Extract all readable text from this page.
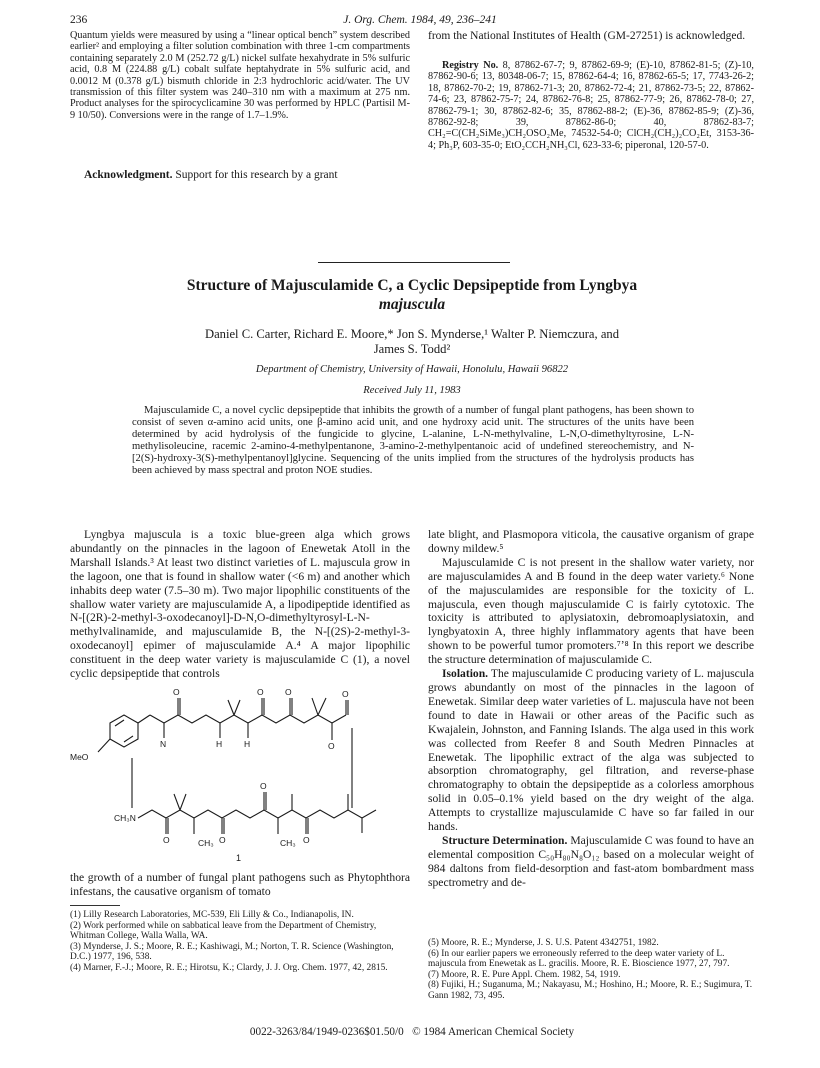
236	J. Org. Chem. 1984, 49, 236–241
Quantum yields were measured by using a “linear optical bench” system described earlier² and employing a filter solution combination with three 1-cm compartments containing separately 2.0 M (252.72 g/L) nickel sulfate hexahydrate in 5% sulfuric acid, 0.8 M (224.88 g/L) cobalt sulfate heptahydrate in 5% sulfuric acid, and 0.0012 M (0.378 g/L) bismuth chloride in 2:3 hydrochloric acid/water. The UV transmission of this filter system was 240–310 nm with a maximum at 275 nm. Product analyses for the spirocyclicamine 30 was performed by HPLC (Partisil M-9 10/50). Conversions were in the range of 1.7–1.9%.
Acknowledgment. Support for this research by a grant
from the National Institutes of Health (GM-27251) is acknowledged.
Registry No. 8, 87862-67-7; 9, 87862-69-9; (E)-10, 87862-81-5; (Z)-10, 87862-90-6; 13, 80348-06-7; 15, 87862-64-4; 16, 87862-65-5; 17, 7743-26-2; 18, 87862-70-2; 19, 87862-71-3; 20, 87862-72-4; 21, 87862-73-5; 22, 87862-74-6; 23, 87862-75-7; 24, 87862-76-8; 25, 87862-77-9; 26, 87862-78-0; 27, 87862-79-1; 30, 87862-82-6; 35, 87862-88-2; (E)-36, 87862-85-9; (Z)-36, 87862-92-8; 39, 87862-86-0; 40, 87862-83-7; CH₂=C(CH₂SiMe₃)CH₂OSO₂Me, 74532-54-0; ClCH₂(CH₂)₂CO₂Et, 3153-36-4; Ph₃P, 603-35-0; EtO₂CCH₂NH₃Cl, 623-33-6; piperonal, 120-57-0.
Structure of Majusculamide C, a Cyclic Depsipeptide from Lyngbya
majuscula
Daniel C. Carter, Richard E. Moore,* Jon S. Mynderse,¹ Walter P. Niemczura, and
James S. Todd²
Department of Chemistry, University of Hawaii, Honolulu, Hawaii 96822
Received July 11, 1983
Majusculamide C, a novel cyclic depsipeptide that inhibits the growth of a number of fungal plant pathogens, has been shown to consist of seven α-amino acid units, one β-amino acid unit, and one hydroxy acid unit. The structures of the units have been determined by acid hydrolysis of the fungicide to glycine, L-alanine, L-N-methylvaline, L-N,O-dimethyltyrosine, L-N-methylisoleucine, racemic 2-amino-4-methylpentanone, 3-amino-2-methylpentanoic acid of undefined stereochemistry, and N-[2(S)-hydroxy-3(S)-methylpentanoyl]glycine. Sequencing of the units implied from the structures of the hydrolysis products has been achieved by mass spectral and proton NOE studies.

Lyngbya majuscula is a toxic blue-green alga which grows abundantly on the pinnacles in the lagoon of Enewetak Atoll in the Marshall Islands.³ At least two distinct varieties of L. majuscula grow in the lagoon, one that is found in shallow water (<6 m) and another which inhabits deep water (7.5–30 m). Two major lipophilic constituents of the shallow water variety are majusculamide A, a lipodipeptide identified as N-[(2R)-2-methyl-3-oxodecanoyl]-D-N,O-dimethyltyrosyl-L-N-methylvalinamide, and majusculamide B, the N-[(2S)-2-methyl-3-oxodecanoyl] epimer of majusculamide A.⁴ A major lipophilic constituent in the deep water variety is majusculamide C (1), a novel cyclic depsipeptide that controls

MeO
CH₃N
CH₃	CH₃
O	O	O	O
N	H	H	O
O	O	O
O
1

the growth of a number of fungal plant pathogens such as Phytophthora infestans, the causative organism of tomato

(1) Lilly Research Laboratories, MC-539, Eli Lilly & Co., Indianapolis, IN.
(2) Work performed while on sabbatical leave from the Department of Chemistry, Whitman College, Walla Walla, WA.
(3) Mynderse, J. S.; Moore, R. E.; Kashiwagi, M.; Norton, T. R. Science (Washington, D.C.) 1977, 196, 538.
(4) Marner, F.-J.; Moore, R. E.; Hirotsu, K.; Clardy, J. J. Org. Chem. 1977, 42, 2815.

late blight, and Plasmopora viticola, the causative organism of grape downy mildew.⁵

Majusculamide C is not present in the shallow water variety, nor are majusculamides A and B found in the deep water variety.⁶ None of the majusculamides are responsible for the toxicity of L. majuscula, even though majusculamide C is fairly cytotoxic. The toxicity is attributed to aplysiatoxin, debromoaplysiatoxin, and lyngbyatoxin A, three highly inflammatory agents that have been shown to be powerful tumor promoters.⁷ʼ⁸ In this report we describe the structure determination of majusculamide C.

Isolation. The majusculamide C producing variety of L. majuscula grows abundantly on most of the pinnacles in the lagoon of Enewetak. Similar deep water varieties of L. majuscula have not been found to date in Hawaii or other areas of the Pacific such as Kwajalein, Johnston, and Fanning Islands. The alga used in this work was collected from Reefer 8 and South Medren Pinnacles at Enewetak. The lipophilic extract of the alga was subjected to absorption chromatography, gel filtration, and reverse-phase chromatography to obtain the depsipeptide as a colorless amorphous solid in 0.05–0.1% yield based on the dry weight of the alga. Attempts to crystallize majusculamide C have so far failed in our hands.

Structure Determination. Majusculamide C was found to have an elemental composition C₅₀H₈₀N₈O₁₂ based on a molecular weight of 984 daltons from field-desorption and fast-atom bombardment mass spectrometry and de-

(5) Moore, R. E.; Mynderse, J. S. U.S. Patent 4342751, 1982.
(6) In our earlier papers we erroneously referred to the deep water variety of L. majuscula from Enewetak as L. gracilis. Moore, R. E. Bioscience 1977, 27, 797.
(7) Moore, R. E. Pure Appl. Chem. 1982, 54, 1919.
(8) Fujiki, H.; Suganuma, M.; Nakayasu, M.; Hoshino, H.; Moore, R. E.; Sugimura, T. Gann 1982, 73, 495.
0022-3263/84/1949-0236$01.50/0 © 1984 American Chemical Society
